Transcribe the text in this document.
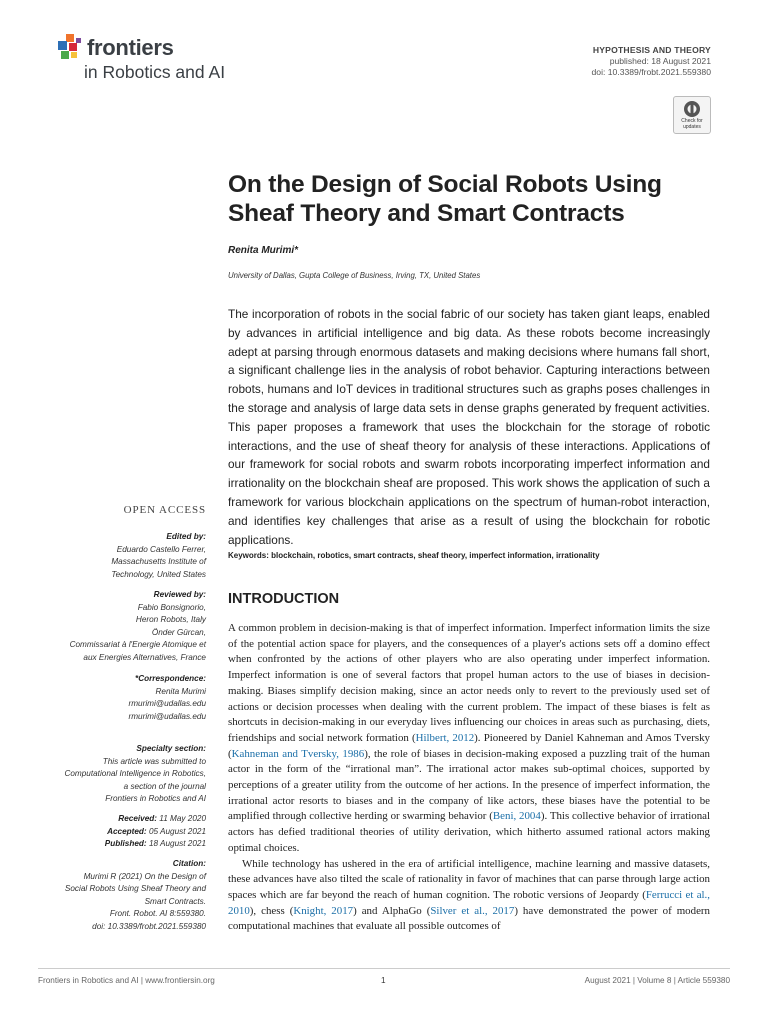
frontiers
in Robotics and AI
HYPOTHESIS AND THEORY
published: 18 August 2021
doi: 10.3389/frobt.2021.559380
Check for updates
On the Design of Social Robots Using Sheaf Theory and Smart Contracts
Renita Murimi*
University of Dallas, Gupta College of Business, Irving, TX, United States
The incorporation of robots in the social fabric of our society has taken giant leaps, enabled by advances in artificial intelligence and big data. As these robots become increasingly adept at parsing through enormous datasets and making decisions where humans fall short, a significant challenge lies in the analysis of robot behavior. Capturing interactions between robots, humans and IoT devices in traditional structures such as graphs poses challenges in the storage and analysis of large data sets in dense graphs generated by frequent activities. This paper proposes a framework that uses the blockchain for the storage of robotic interactions, and the use of sheaf theory for analysis of these interactions. Applications of our framework for social robots and swarm robots incorporating imperfect information and irrationality on the blockchain sheaf are proposed. This work shows the application of such a framework for various blockchain applications on the spectrum of human-robot interaction, and identifies key challenges that arise as a result of using the blockchain for robotic applications.
Keywords: blockchain, robotics, smart contracts, sheaf theory, imperfect information, irrationality
OPEN ACCESS
Edited by:
Eduardo Castello Ferrer,
Massachusetts Institute of
Technology, United States
Reviewed by:
Fabio Bonsignorio,
Heron Robots, Italy
Önder Gürcan,
Commissariat à l'Energie Atomique et
aux Energies Alternatives, France
*Correspondence:
Renita Murimi
rmurimi@udallas.edu
rmurimi@udallas.edu
Specialty section:
This article was submitted to
Computational Intelligence in Robotics,
a section of the journal
Frontiers in Robotics and AI
Received: 11 May 2020
Accepted: 05 August 2021
Published: 18 August 2021
Citation:
Murimi R (2021) On the Design of
Social Robots Using Sheaf Theory and
Smart Contracts.
Front. Robot. AI 8:559380.
doi: 10.3389/frobt.2021.559380
INTRODUCTION

A common problem in decision-making is that of imperfect information. Imperfect information limits the size of the potential action space for players, and the consequences of a player's actions sets off a domino effect when confronted by the actions of other players who are also operating under imperfect information. Imperfect information is one of several factors that propel human actors to the use of biases in decision-making. Biases simplify decision making, since an actor needs only to revert to the previously used set of actions or decision processes when dealing with the current problem. The impact of these biases is felt as shortcuts in decision-making in our everyday lives influencing our choices in areas such as purchasing, diets, friendships and social network formation (Hilbert, 2012). Pioneered by Daniel Kahneman and Amos Tversky (Kahneman and Tversky, 1986), the role of biases in decision-making exposed a puzzling trait of the human actor in the form of the “irrational man”. The irrational actor makes sub-optimal choices, supported by perceptions of a greater utility from the outcome of her actions. In the presence of imperfect information, the irrational actor resorts to biases and in the company of like actors, these biases have the potential to be amplified through collective herding or swarming behavior (Beni, 2004). This collective behavior of irrational actors has defied traditional theories of utility derivation, which hitherto assumed rational actors making optimal choices.

While technology has ushered in the era of artificial intelligence, machine learning and massive datasets, these advances have also tilted the scale of rationality in favor of machines that can parse through large action spaces which are far beyond the reach of human cognition. The robotic versions of Jeopardy (Ferrucci et al., 2010), chess (Knight, 2017) and AlphaGo (Silver et al., 2017) have demonstrated the power of modern computational machines that evaluate all possible outcomes of

Frontiers in Robotics and AI | www.frontiersin.org	1	August 2021 | Volume 8 | Article 559380
